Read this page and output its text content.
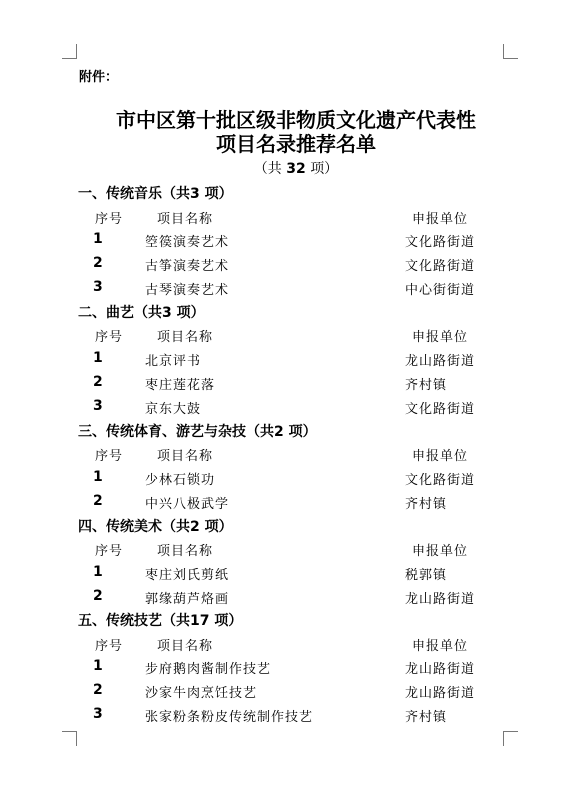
附件：
市中区第十批区级非物质文化遗产代表性
项目名录推荐名单
（共 32 项）
一、传统音乐（共3 项）
序号	项目名称	申报单位
1	箜篌演奏艺术	文化路街道
2	古筝演奏艺术	文化路街道
3	古琴演奏艺术	中心街街道
二、曲艺（共3 项）
序号	项目名称	申报单位
1	北京评书	龙山路街道
2	枣庄莲花落	齐村镇
3	京东大鼓	文化路街道
三、传统体育、游艺与杂技（共2 项）
序号	项目名称	申报单位
1	少林石锁功	文化路街道
2	中兴八极武学	齐村镇
四、传统美术（共2 项）
序号	项目名称	申报单位
1	枣庄刘氏剪纸	税郭镇
2	郭缘葫芦烙画	龙山路街道
五、传统技艺（共17 项）
序号	项目名称	申报单位
1	步府鹅肉酱制作技艺	龙山路街道
2	沙家牛肉烹饪技艺	龙山路街道
3	张家粉条粉皮传统制作技艺	齐村镇
